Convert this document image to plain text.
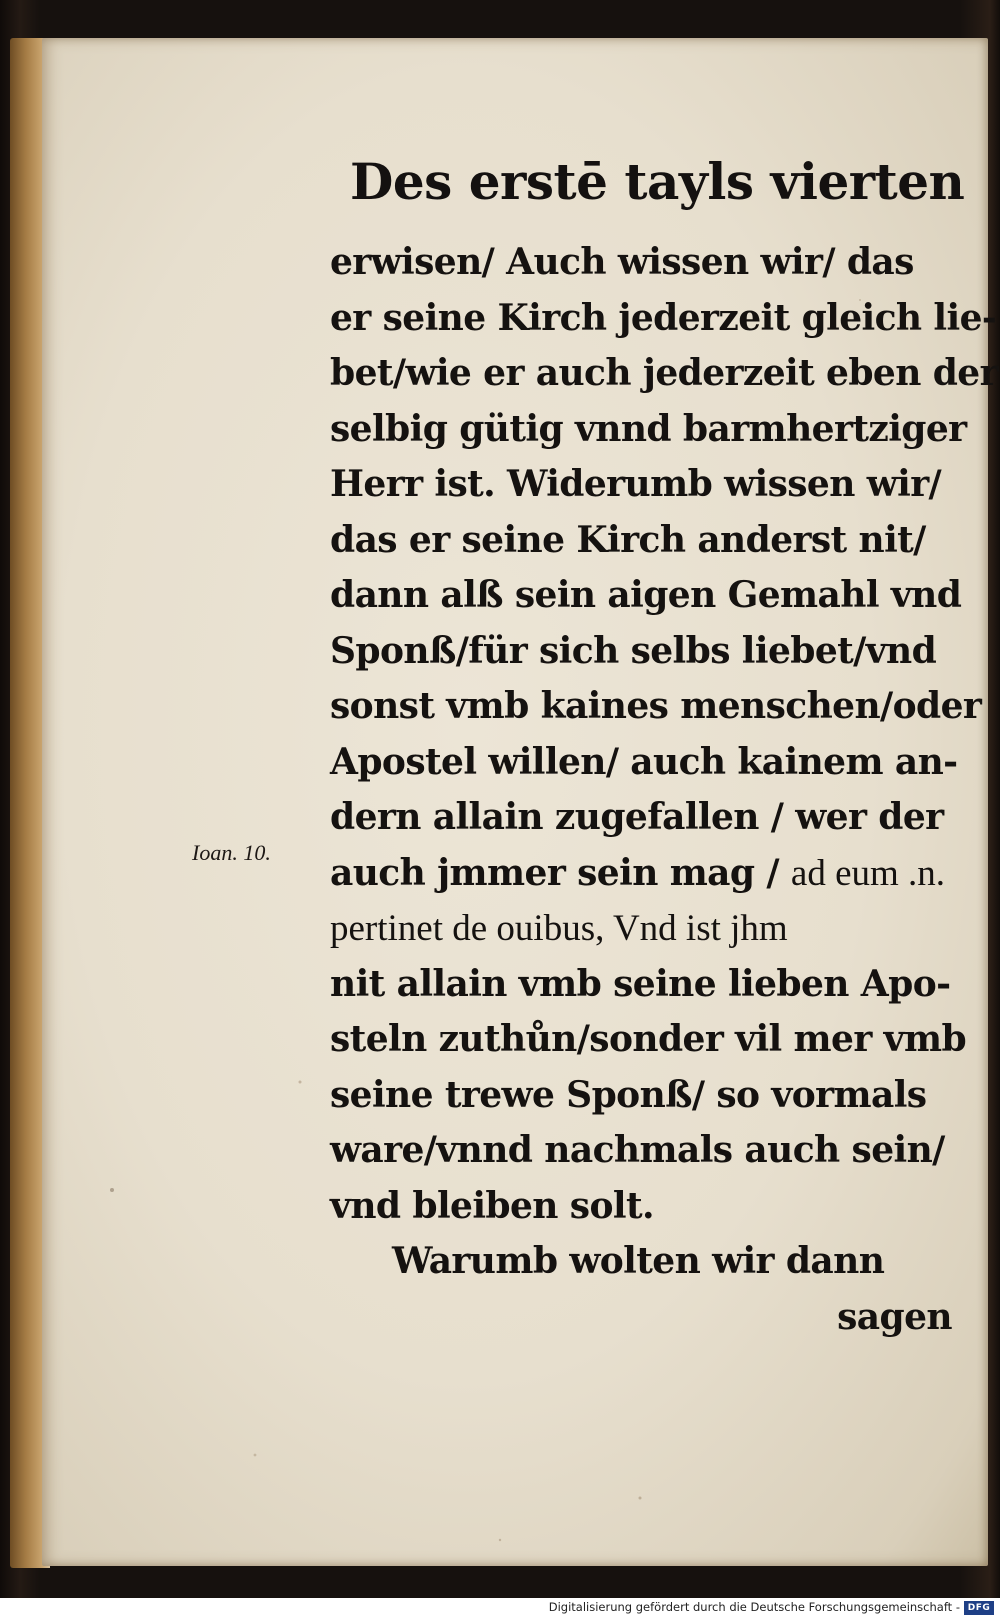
Des erstē tayls vierten
Ioan. 10.
erwisen/ Auch wissen wir/ das
er seine Kirch jederzeit gleich lie-
bet/wie er auch jederzeit eben der
selbig gütig vnnd barmhertziger
Herr ist. Widerumb wissen wir/
das er seine Kirch anderst nit/
dann alß sein aigen Gemahl vnd
Sponß/für sich selbs liebet/vnd
sonst vmb kaines menschen/oder
Apostel willen/ auch kainem an-
dern allain zugefallen / wer der
auch jmmer sein mag / ad eum .n.
pertinet de ouibus, Vnd ist jhm
nit allain vmb seine lieben Apo-
steln zuthůn/sonder vil mer vmb
seine trewe Sponß/ so vormals
ware/vnnd nachmals auch sein/
vnd bleiben solt.
Warumb wolten wir dann
sagen
Digitalisierung gefördert durch die Deutsche Forschungsgemeinschaft - DFG
